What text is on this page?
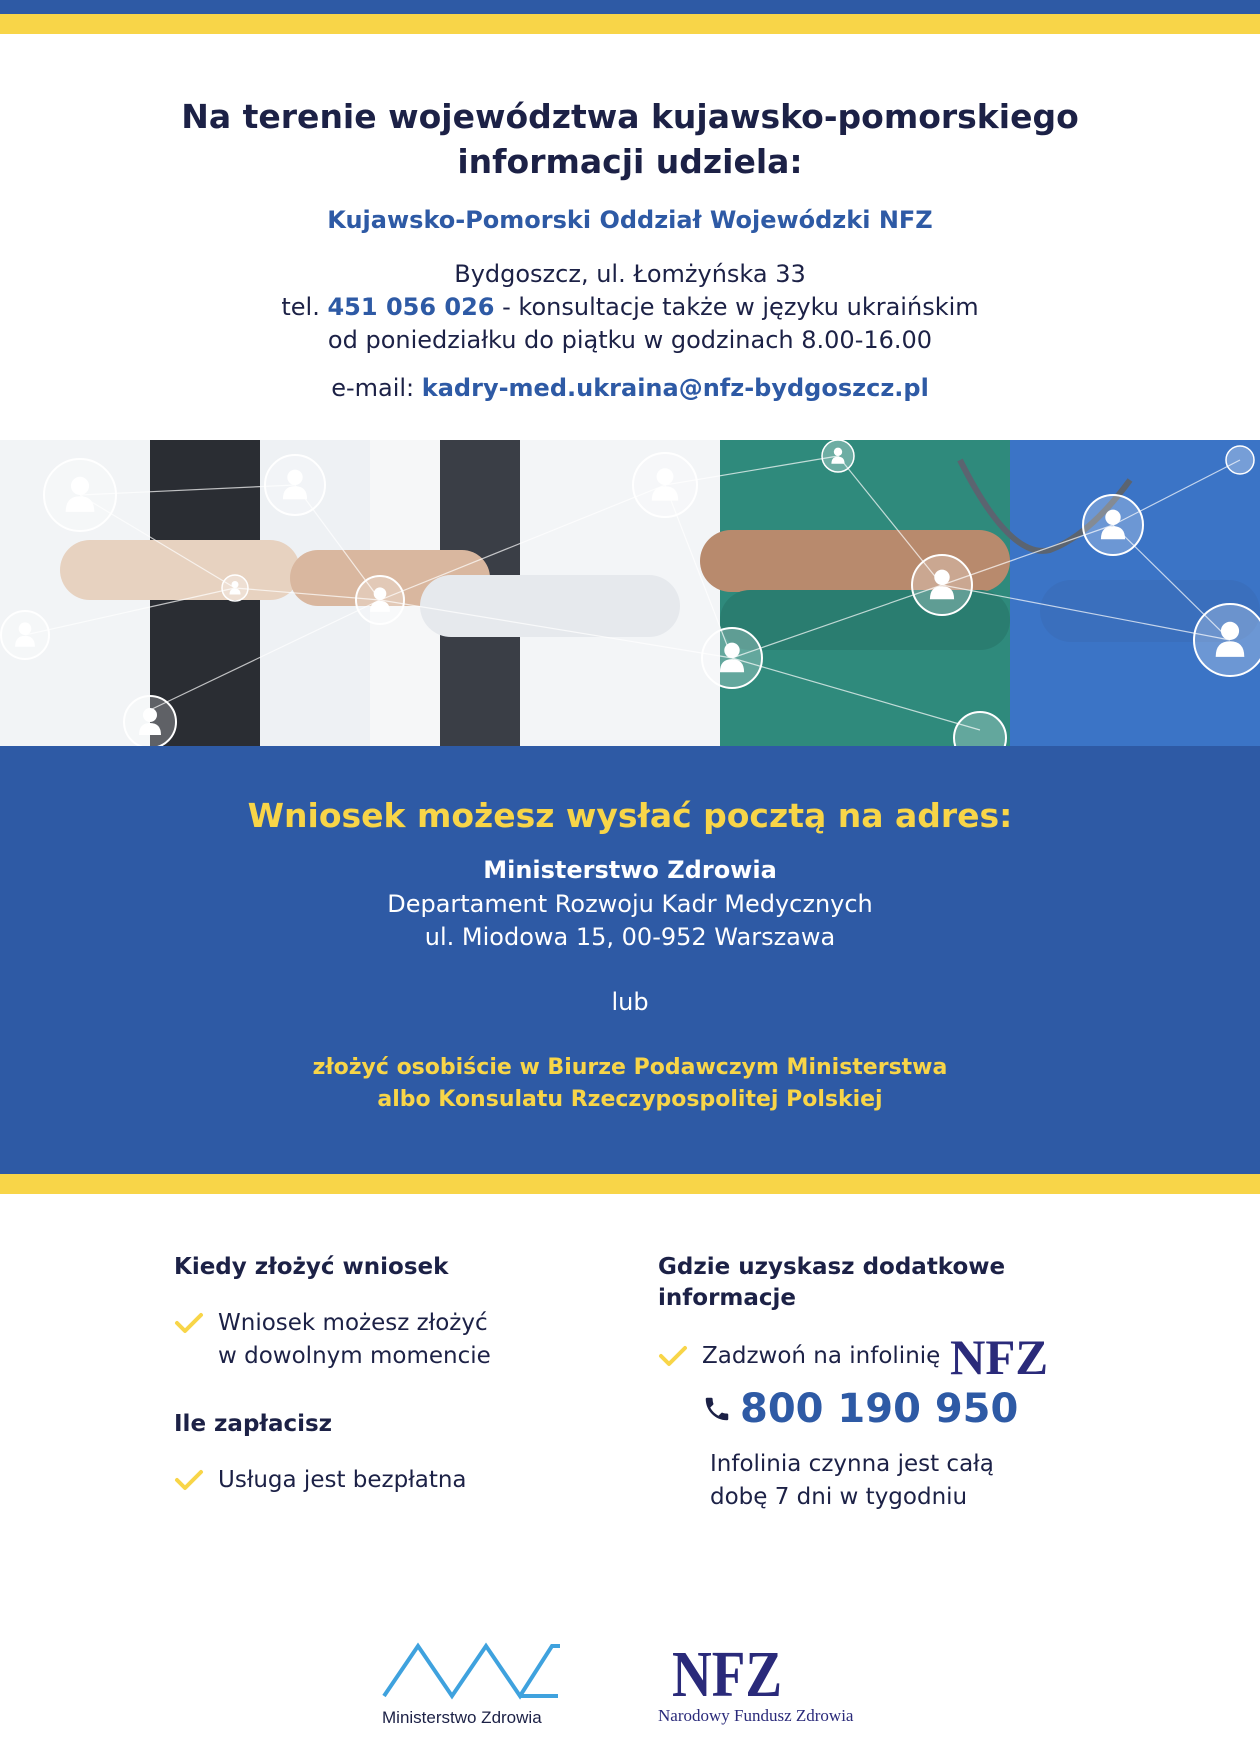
Na terenie województwa kujawsko-pomorskiego
informacji udziela:
Kujawsko-Pomorski Oddział Wojewódzki NFZ
Bydgoszcz, ul. Łomżyńska 33
tel. 451 056 026 - konsultacje także w języku ukraińskim
od poniedziałku do piątku w godzinach 8.00-16.00
e-mail: kadry-med.ukraina@nfz-bydgoszcz.pl
Wniosek możesz wysłać pocztą na adres:
Ministerstwo Zdrowia
Departament Rozwoju Kadr Medycznych
ul. Miodowa 15, 00-952 Warszawa
lub
złożyć osobiście w Biurze Podawczym Ministerstwa
albo Konsulatu Rzeczypospolitej Polskiej
Kiedy złożyć wniosek
Wniosek możesz złożyć
w dowolnym momencie
Ile zapłacisz
Usługa jest bezpłatna
Gdzie uzyskasz dodatkowe
informacje
Zadzwoń na infolinię NFZ
800 190 950
Infolinia czynna jest całą
dobę 7 dni w tygodniu
Ministerstwo Zdrowia
NFZ
Narodowy Fundusz Zdrowia
